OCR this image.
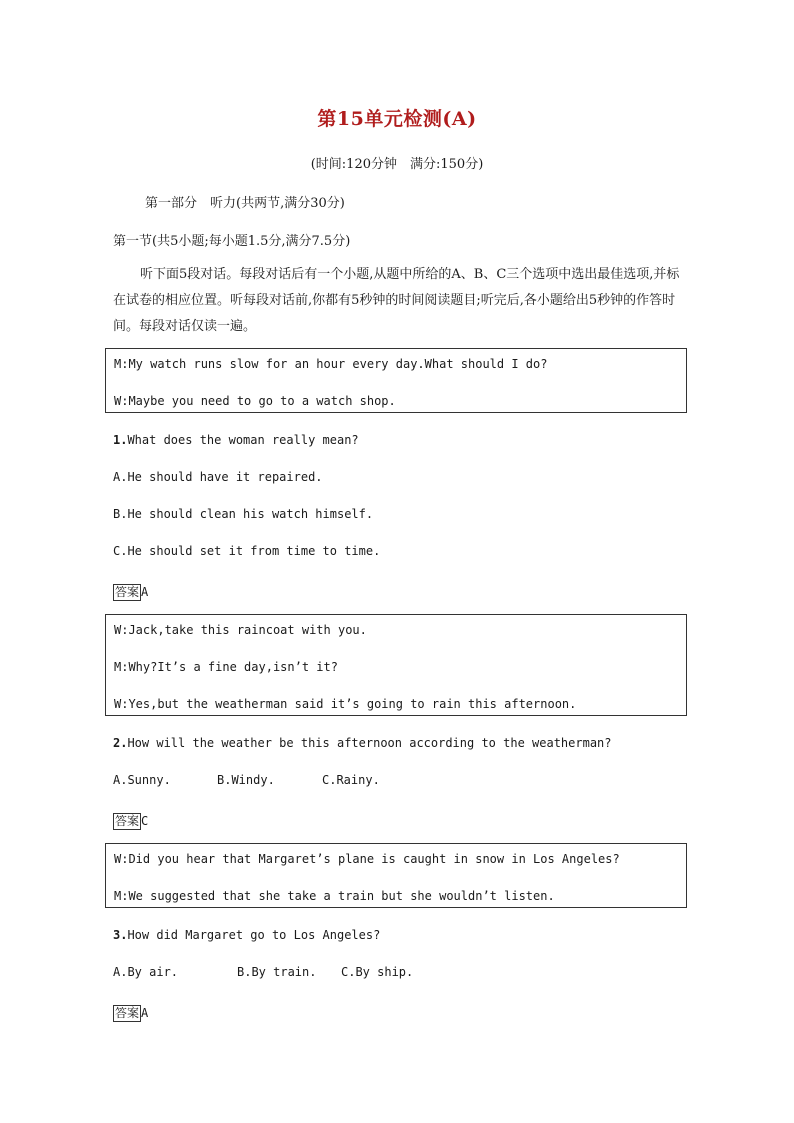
第15单元检测(A)
(时间:120分钟　满分:150分)
第一部分　听力(共两节,满分30分)
第一节(共5小题;每小题1.5分,满分7.5分)

听下面5段对话。每段对话后有一个小题,从题中所给的A、B、C三个选项中选出最佳选项,并标在试卷的相应位置。听每段对话前,你都有5秒钟的时间阅读题目;听完后,各小题给出5秒钟的作答时间。每段对话仅读一遍。

M:My watch runs slow for an hour every day.What should I do?
W:Maybe you need to go to a watch shop.
1.What does the woman really mean?
A.He should have it repaired.
B.He should clean his watch himself.
C.He should set it from time to time.
答案 A
W:Jack,take this raincoat with you.
M:Why?It’s a fine day,isn’t it?
W:Yes,but the weatherman said it’s going to rain this afternoon.
2.How will the weather be this afternoon according to the weatherman?
A.Sunny.	B.Windy.	C.Rainy.
答案 C
W:Did you hear that Margaret’s plane is caught in snow in Los Angeles?
M:We suggested that she take a train but she wouldn’t listen.
3.How did Margaret go to Los Angeles?
A.By air.	B.By train. C.By ship.
答案 A
